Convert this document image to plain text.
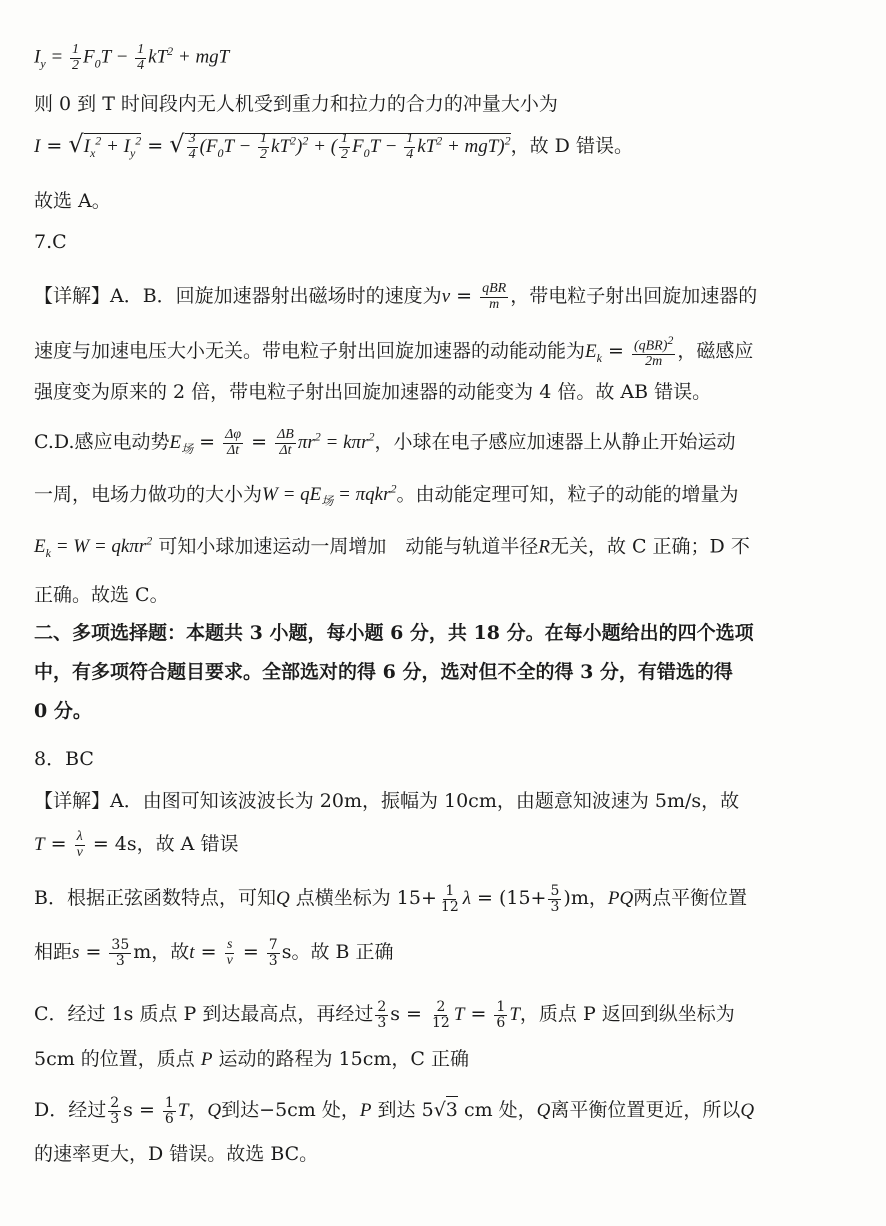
$I_y = \frac{1}{2} F_0T - \frac{1}{4} kT^2$ + mgT
则 0 到 T 时间段内无人机受到重力和拉力的合力的冲量大小为
$I = √I_x^2 + I_y^2$ = √ $\frac{3}{4} (F_0T - \frac{1}{2} kT^2)^2$ + ( $\frac{1}{2} F_0T - \frac{1}{4} kT^2 + mgT)^2$，故 D 错误。
故选 A。
7.C
【详解】A．B．回旋加速器射出磁场时的速度为$v = \frac{\text{qBR}}{m}$ ，带电粒子射出回旋加速器的
速度与加速电压大小无关。带电粒子射出回旋加速器的动能动能为$E_k = \frac{(qBR)^2}{2m}$ ，磁感应
强度变为原来的 2 倍，带电粒子射出回旋加速器的动能变为 4 倍。故 AB 错误。
C.D.感应电动势$E_场 = \frac{\Delta\varphi}{\Delta t} = \frac{\Delta B}{\Delta t} \pi r^2 = k\pi r^2$，小球在电子感应加速器上从静止开始运动
一周，电场力做功的大小为$W = qE_场 = \pi qkr^2$。由动能定理可知，粒子的动能的增量为
$E_k = W = qk\pi r^2$ 可知小球加速运动一周增加　动能与轨道半径R无关，故 C 正确；D 不
正确。故选 C。
二、多项选择题：本题共 3 小题，每小题 6 分，共 18 分。在每小题给出的四个选项
中，有多项符合题目要求。全部选对的得 6 分，选对但不全的得 3 分，有错选的得
0 分。
8．BC
【详解】A．由图可知该波波长为 20m，振幅为 10cm，由题意知波速为 5m/s，故
$T = \frac{\lambda}{v} = 4s$，故 A 错误
B．根据正弦函数特点，可知Q 点横坐标为 $15+ \frac{1}{12}$ $\lambda = (15+ \frac{5}{3} )m$，PQ两点平衡位置
相距$s = \frac{35}{3}$ m，故$t = \frac{s}{v} = \frac{7}{3}$ s。故 B 正确
C．经过 1s 质点 P 到达最高点，再经过 $\frac{2}{3}$ $s = \frac{2}{12}$ $T = \frac{1}{6}$ T，质点 P 返回到纵坐标为
5cm 的位置，质点 P 运动的路程为 15cm，C 正确
D．经过 $\frac{2}{3}$ $s = \frac{1}{6}$ T，Q到达−5cm 处，P 到达 5√3 cm 处，Q离平衡位置更近，所以Q
的速率更大，D 错误。故选 BC。
